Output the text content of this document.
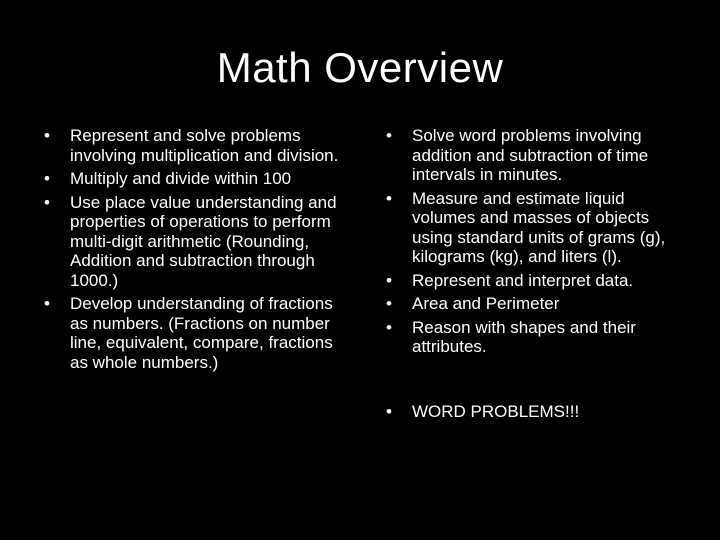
Math Overview
• Represent and solve problems involving multiplication and division.
• Multiply and divide within 100
• Use place value understanding and properties of operations to perform multi-digit arithmetic (Rounding, Addition and subtraction through 1000.)
• Develop understanding of fractions as numbers. (Fractions on number line, equivalent, compare, fractions as whole numbers.)
• Solve word problems involving addition and subtraction of time intervals in minutes.
• Measure and estimate liquid volumes and masses of objects using standard units of grams (g), kilograms (kg), and liters (l).
• Represent and interpret data.
• Area and Perimeter
• Reason with shapes and their attributes.
• WORD PROBLEMS!!!
